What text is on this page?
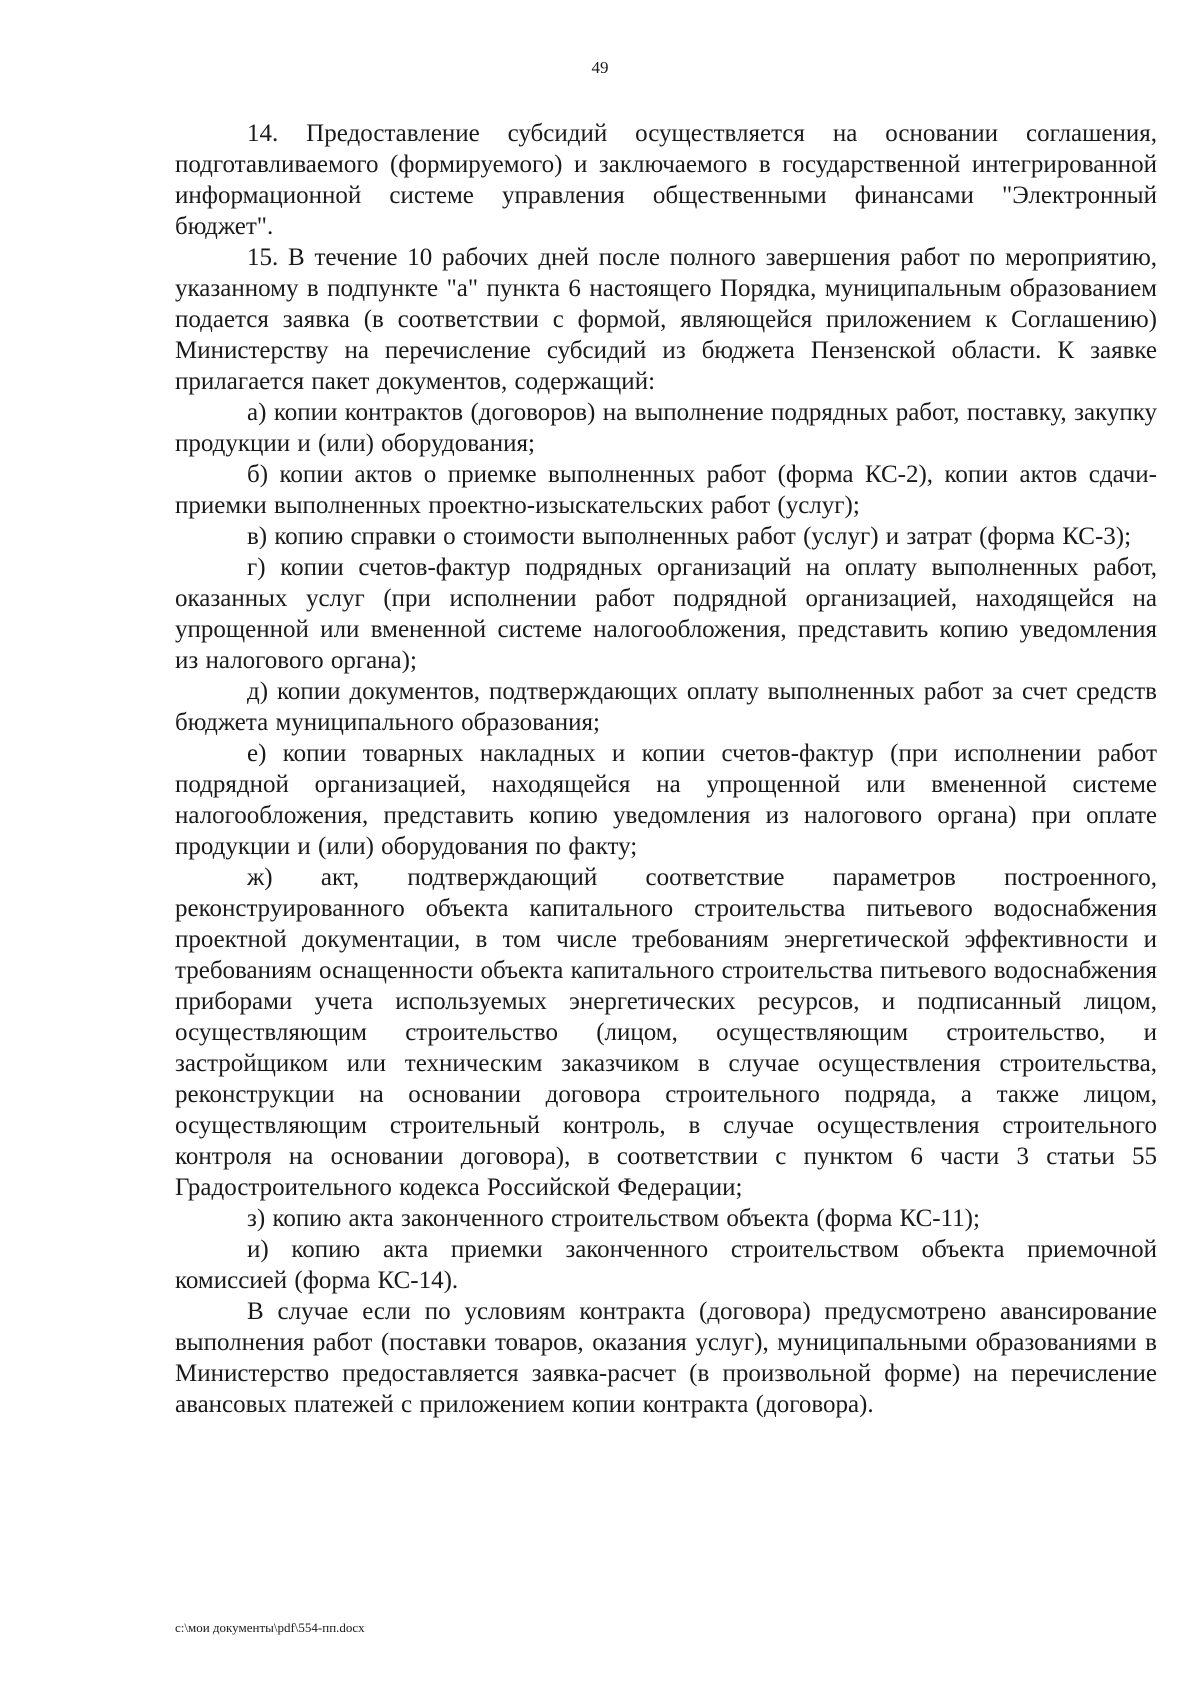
49

14. Предоставление субсидий осуществляется на основании соглашения, подготавливаемого (формируемого) и заключаемого в государственной интегрированной информационной системе управления общественными финансами "Электронный бюджет".

15. В течение 10 рабочих дней после полного завершения работ по мероприятию, указанному в подпункте "а" пункта 6 настоящего Порядка, муниципальным образованием подается заявка (в соответствии с формой, являющейся приложением к Соглашению) Министерству на перечисление субсидий из бюджета Пензенской области. К заявке прилагается пакет документов, содержащий:

а) копии контрактов (договоров) на выполнение подрядных работ, поставку, закупку продукции и (или) оборудования;

б) копии актов о приемке выполненных работ (форма КС-2), копии актов сдачи-приемки выполненных проектно-изыскательских работ (услуг);

в) копию справки о стоимости выполненных работ (услуг) и затрат (форма КС-3);

г) копии счетов-фактур подрядных организаций на оплату выполненных работ, оказанных услуг (при исполнении работ подрядной организацией, находящейся на упрощенной или вмененной системе налогообложения, представить копию уведомления из налогового органа);

д) копии документов, подтверждающих оплату выполненных работ за счет средств бюджета муниципального образования;

е) копии товарных накладных и копии счетов-фактур (при исполнении работ подрядной организацией, находящейся на упрощенной или вмененной системе налогообложения, представить копию уведомления из налогового органа) при оплате продукции и (или) оборудования по факту;

ж) акт, подтверждающий соответствие параметров построенного, реконструированного объекта капитального строительства питьевого водоснабжения проектной документации, в том числе требованиям энергетической эффективности и требованиям оснащенности объекта капитального строительства питьевого водоснабжения приборами учета используемых энергетических ресурсов, и подписанный лицом, осуществляющим строительство (лицом, осуществляющим строительство, и застройщиком или техническим заказчиком в случае осуществления строительства, реконструкции на основании договора строительного подряда, а также лицом, осуществляющим строительный контроль, в случае осуществления строительного контроля на основании договора), в соответствии с пунктом 6 части 3 статьи 55 Градостроительного кодекса Российской Федерации;

з) копию акта законченного строительством объекта (форма КС-11);

и) копию акта приемки законченного строительством объекта приемочной комиссией (форма КС-14).

В случае если по условиям контракта (договора) предусмотрено авансирование выполнения работ (поставки товаров, оказания услуг), муниципальными образованиями в Министерство предоставляется заявка-расчет (в произвольной форме) на перечисление авансовых платежей с приложением копии контракта (договора).

c:\мои документы\pdf\554-пп.docx
